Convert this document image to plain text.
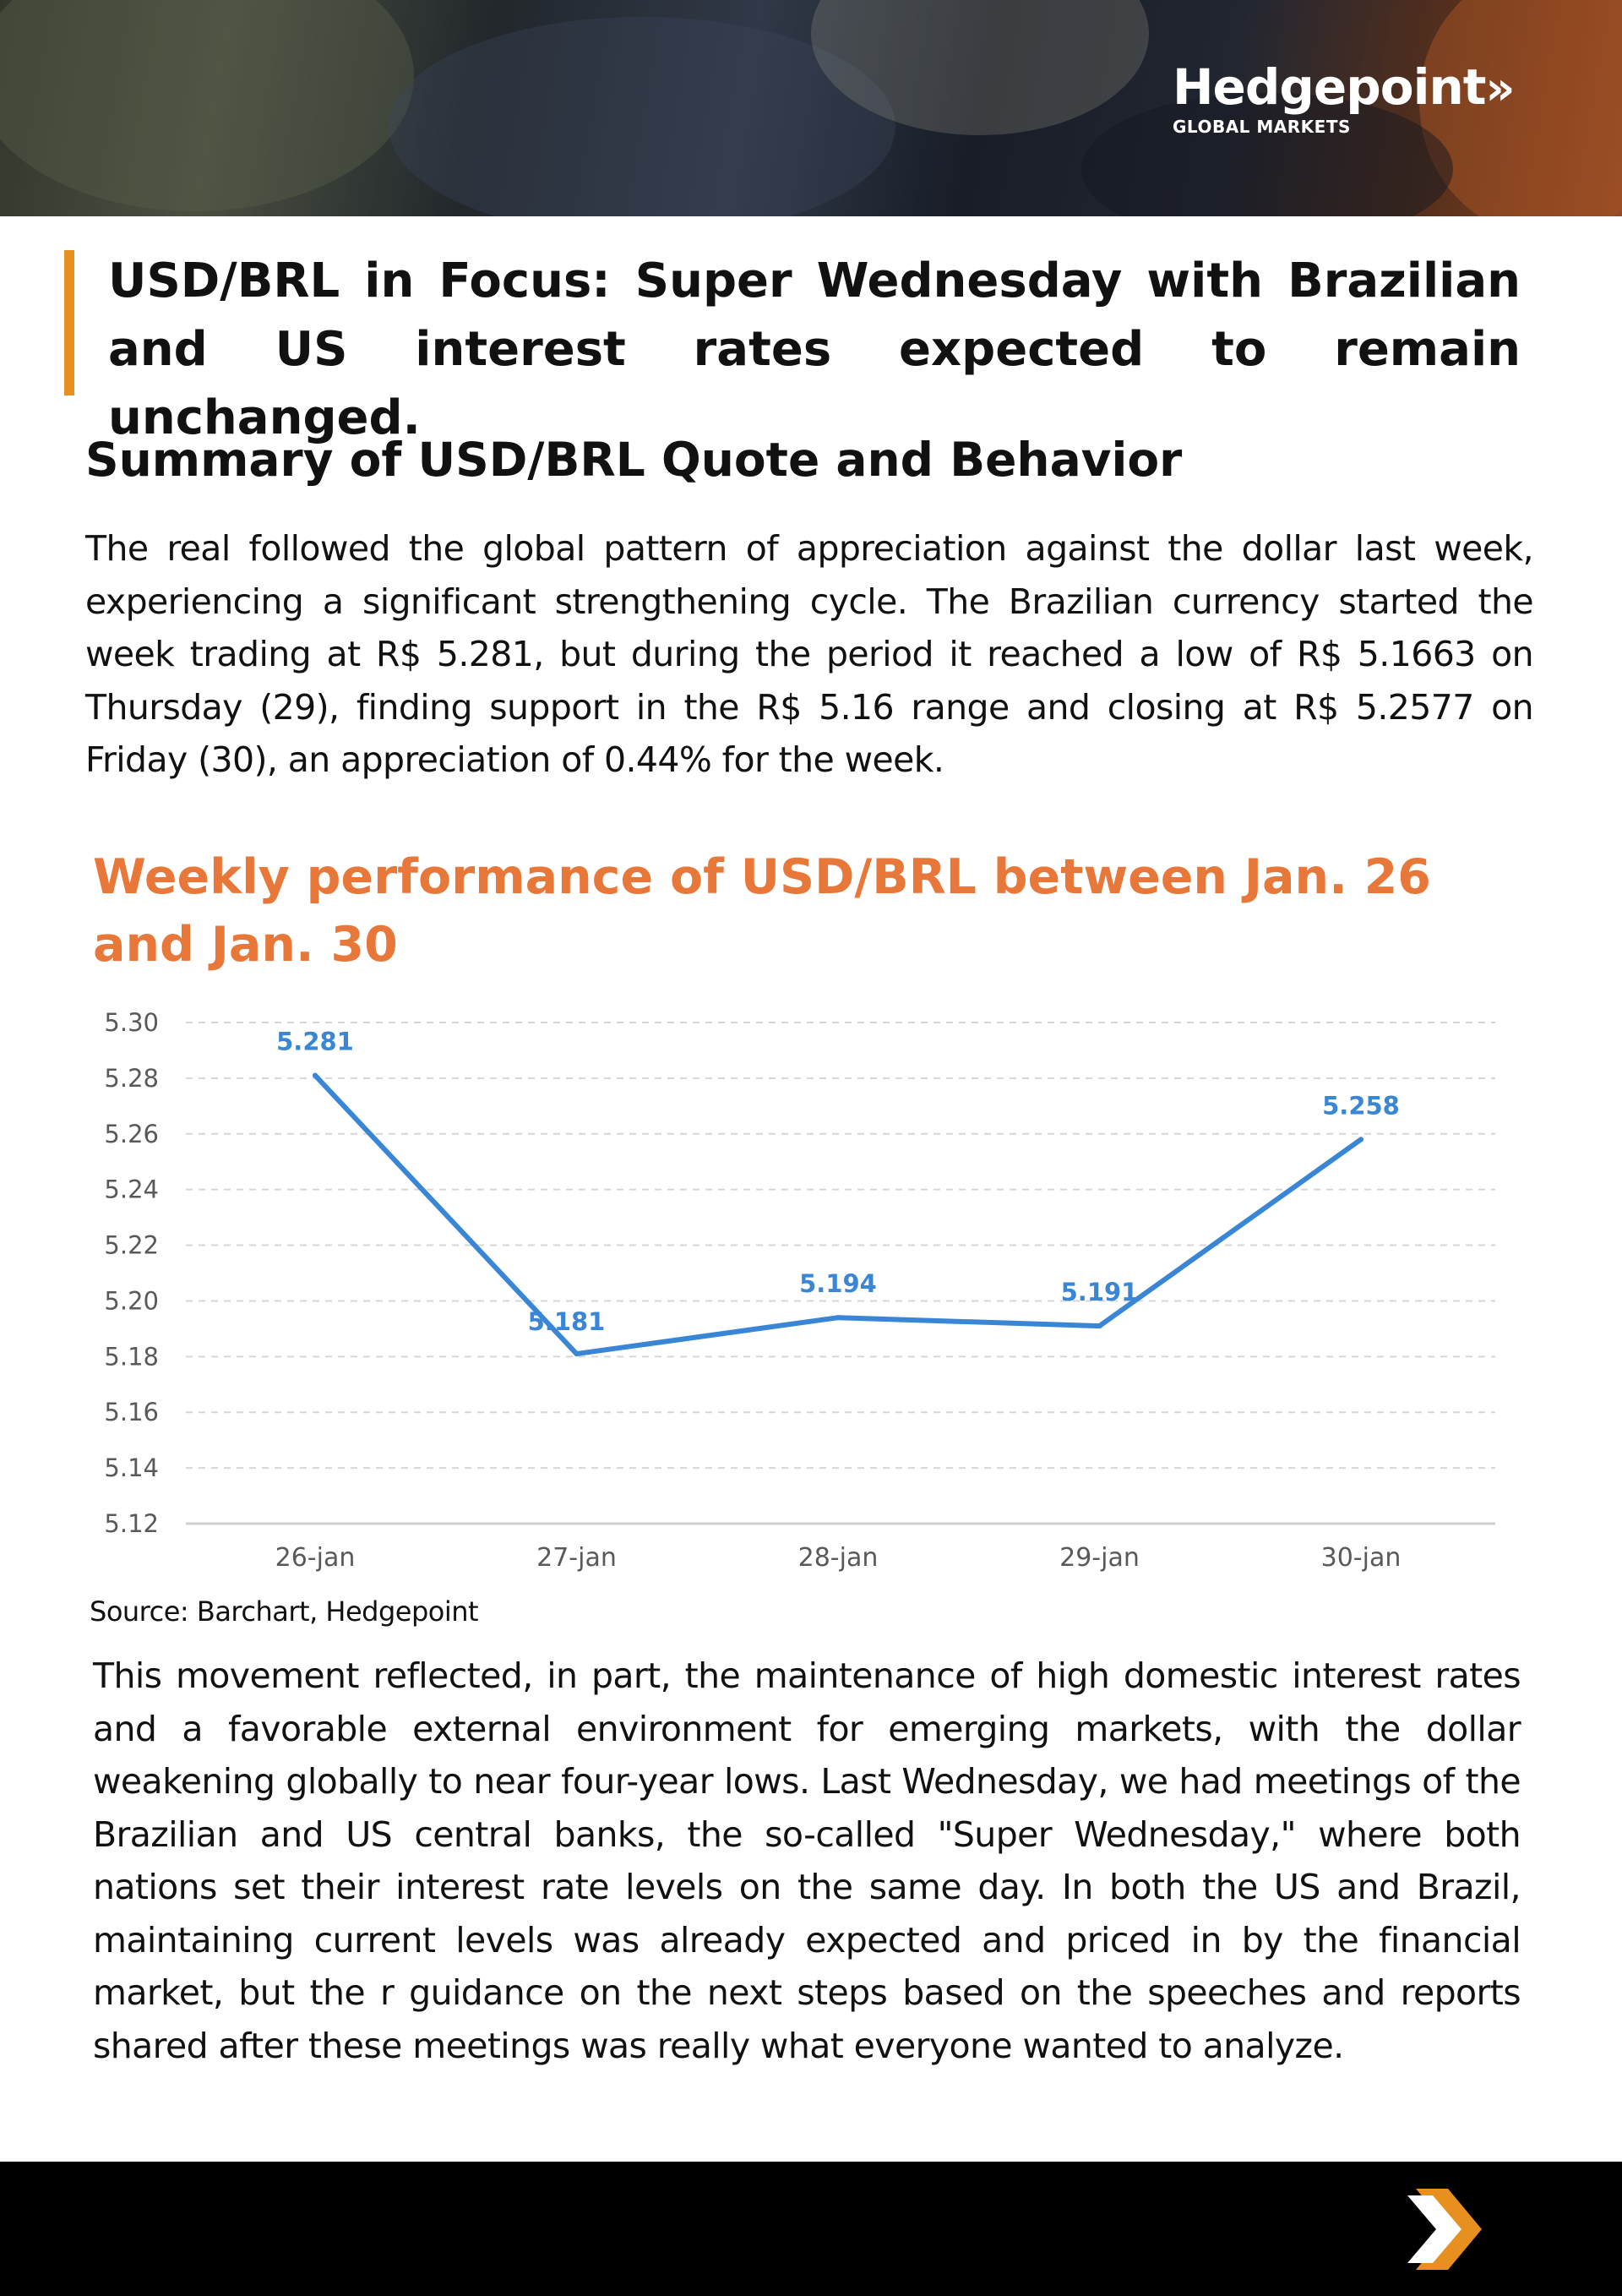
Hedgepoint»
GLOBAL MARKETS
USD/BRL in Focus: Super Wednesday with Brazilian and US interest rates expected to remain unchanged.
Summary of USD/BRL Quote and Behavior

The real followed the global pattern of appreciation against the dollar last week, experiencing a significant strengthening cycle. The Brazilian currency started the week trading at R$ 5.281, but during the period it reached a low of R$ 5.1663 on Thursday (29), finding support in the R$ 5.16 range and closing at R$ 5.2577 on Friday (30), an appreciation of 0.44% for the week.

Weekly performance of USD/BRL between Jan. 26 and Jan. 30
5.30
5.28
5.26
5.24
5.22
5.20
5.18
5.16
5.14
5.12
26-jan	27-jan	28-jan	29-jan	30-jan
5.281
5.181
5.194	5.191
5.258
Source: Barchart, Hedgepoint

This movement reflected, in part, the maintenance of high domestic interest rates and a favorable external environment for emerging markets, with the dollar weakening globally to near four-year lows. Last Wednesday, we had meetings of the Brazilian and US central banks, the so-called "Super Wednesday," where both nations set their interest rate levels on the same day. In both the US and Brazil, maintaining current levels was already expected and priced in by the financial market, but the r guidance on the next steps based on the speeches and reports shared after these meetings was really what everyone wanted to analyze.
